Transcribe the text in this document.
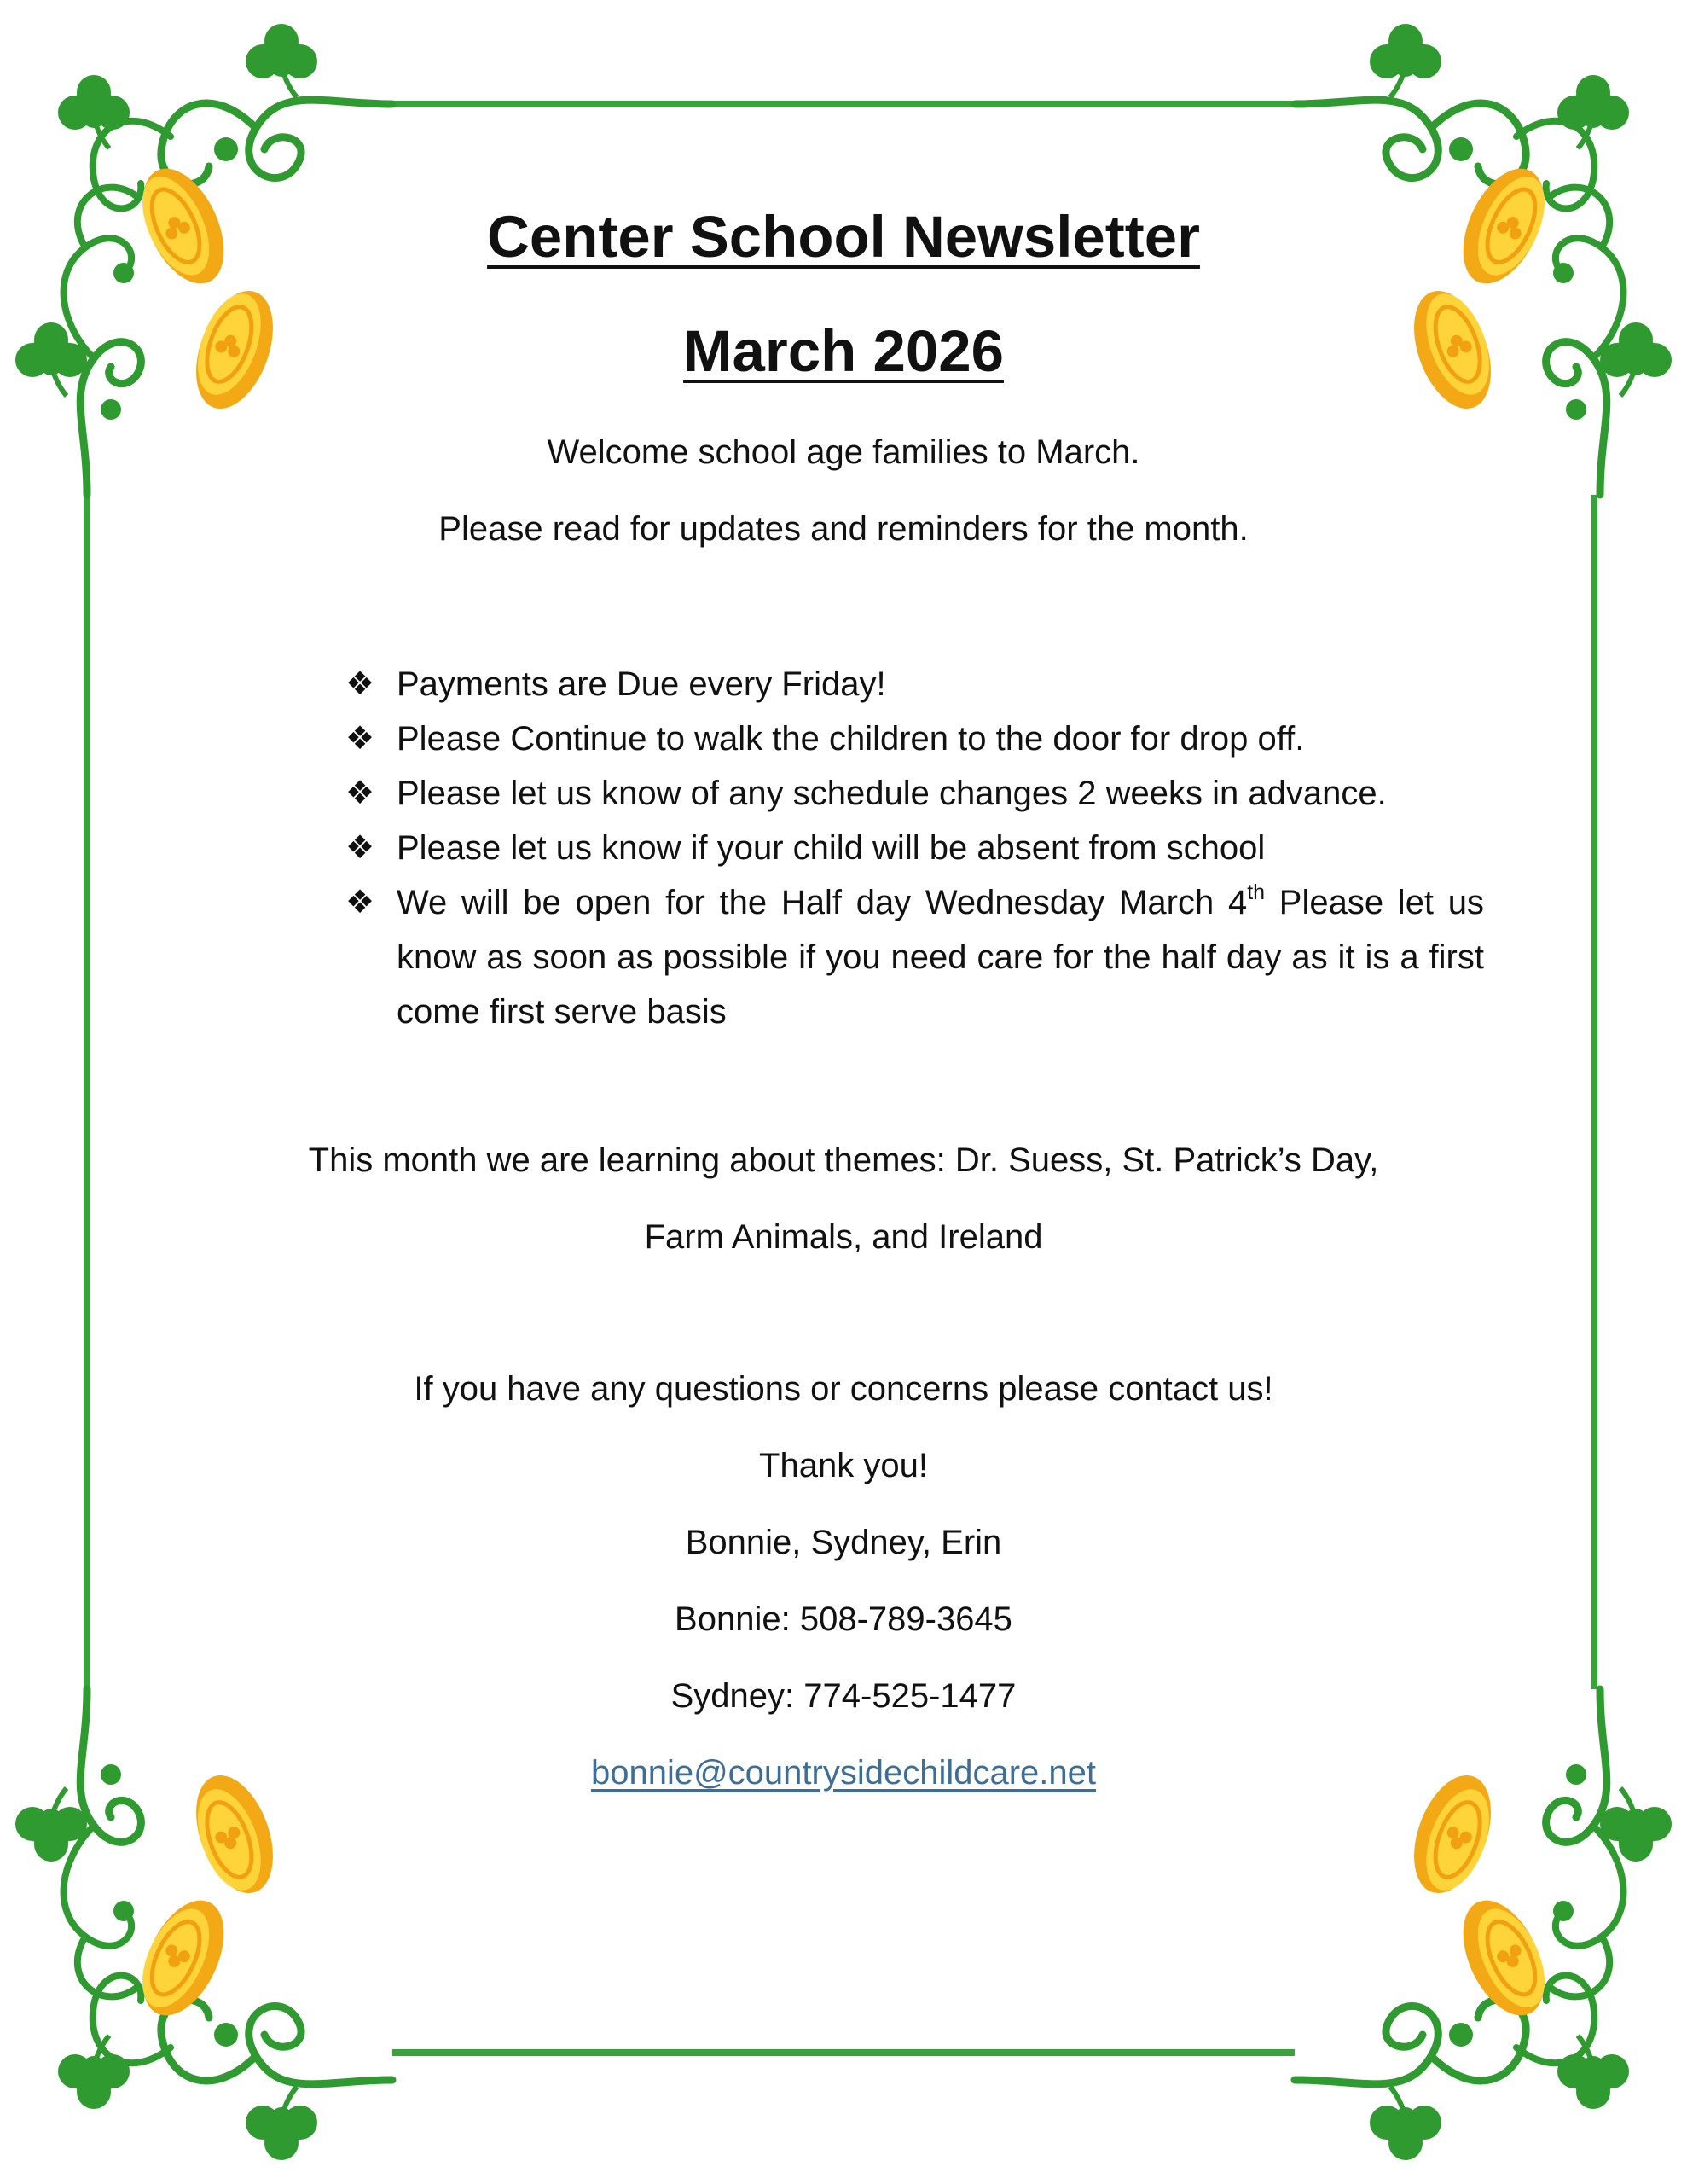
Center School Newsletter
March 2026
Welcome school age families to March.
Please read for updates and reminders for the month.
This month we are learning about themes: Dr. Suess, St. Patrick’s Day,
Farm Animals, and Ireland
If you have any questions or concerns please contact us!
Thank you!
Bonnie, Sydney, Erin
Bonnie: 508-789-3645
Sydney: 774-525-1477
bonnie@countrysidechildcare.net
❖ Payments are Due every Friday!
❖ Please Continue to walk the children to the door for drop off.
❖ Please let us know of any schedule changes 2 weeks in advance.
❖ Please let us know if your child will be absent from school
❖ We will be open for the Half day Wednesday March 4th Please let us know as soon as possible if you need care for the half day as it is a first come first serve basis
